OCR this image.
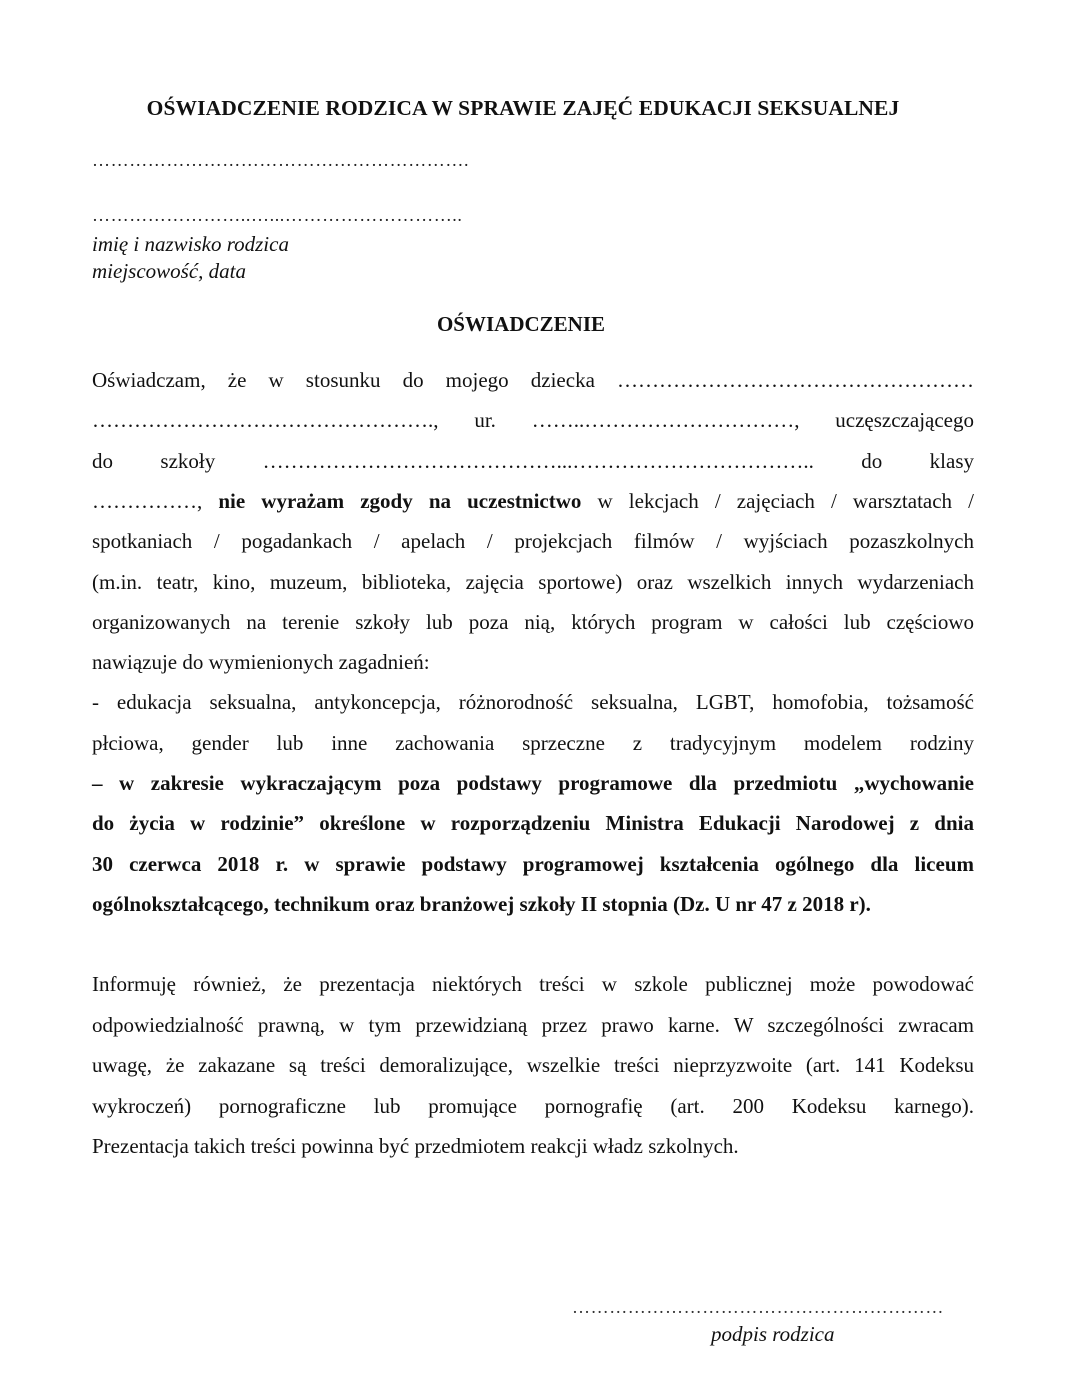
OŚWIADCZENIE RODZICA W SPRAWIE ZAJĘĆ EDUKACJI SEKSUALNEJ
…………………………………………………….
……………………..…...………………………..
imię i nazwisko rodzica
miejscowość, data
OŚWIADCZENIE
Oświadczam, że w stosunku do mojego dziecka ……………………………………………
…………………………………………., ur. ……..…………………………, uczęszczającego
do szkoły ……………………………………...…………………………….. do klasy
……………, nie wyrażam zgody na uczestnictwo w lekcjach / zajęciach / warsztatach /
spotkaniach / pogadankach / apelach / projekcjach filmów / wyjściach pozaszkolnych
(m.in. teatr, kino, muzeum, biblioteka, zajęcia sportowe) oraz wszelkich innych wydarzeniach
organizowanych na terenie szkoły lub poza nią, których program w całości lub częściowo
nawiązuje do wymienionych zagadnień:
- edukacja seksualna, antykoncepcja, różnorodność seksualna, LGBT, homofobia, tożsamość
płciowa, gender lub inne zachowania sprzeczne z tradycyjnym modelem rodziny
– w zakresie wykraczającym poza podstawy programowe dla przedmiotu „wychowanie
do życia w rodzinie” określone w rozporządzeniu Ministra Edukacji Narodowej z dnia
30 czerwca 2018 r. w sprawie podstawy programowej kształcenia ogólnego dla liceum
ogólnokształcącego, technikum oraz branżowej szkoły II stopnia (Dz. U nr 47 z 2018 r).
Informuję również, że prezentacja niektórych treści w szkole publicznej może powodować
odpowiedzialność prawną, w tym przewidzianą przez prawo karne. W szczególności zwracam
uwagę, że zakazane są treści demoralizujące, wszelkie treści nieprzyzwoite (art. 141 Kodeksu
wykroczeń) pornograficzne lub promujące pornografię (art. 200 Kodeksu karnego).
Prezentacja takich treści powinna być przedmiotem reakcji władz szkolnych.
……………………………………………………
podpis rodzica
